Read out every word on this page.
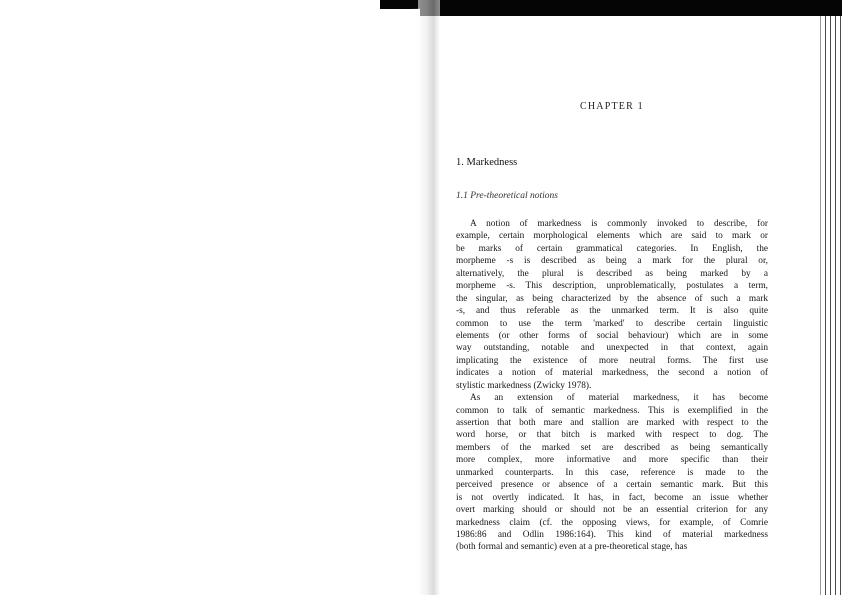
CHAPTER 1
1. Markedness
1.1 Pre-theoretical notions
A notion of markedness is commonly invoked to describe, for
example, certain morphological elements which are said to mark or
be marks of certain grammatical categories. In English, the
morpheme -s is described as being a mark for the plural or,
alternatively, the plural is described as being marked by a
morpheme -s. This description, unproblematically, postulates a term,
the singular, as being characterized by the absence of such a mark
-s, and thus referable as the unmarked term. It is also quite
common to use the term 'marked' to describe certain linguistic
elements (or other forms of social behaviour) which are in some
way outstanding, notable and unexpected in that context, again
implicating the existence of more neutral forms. The first use
indicates a notion of material markedness, the second a notion of
stylistic markedness (Zwicky 1978).
As an extension of material markedness, it has become
common to talk of semantic markedness. This is exemplified in the
assertion that both mare and stallion are marked with respect to the
word horse, or that bitch is marked with respect to dog. The
members of the marked set are described as being semantically
more complex, more informative and more specific than their
unmarked counterparts. In this case, reference is made to the
perceived presence or absence of a certain semantic mark. But this
is not overtly indicated. It has, in fact, become an issue whether
overt marking should or should not be an essential criterion for any
markedness claim (cf. the opposing views, for example, of Comrie
1986:86 and Odlin 1986:164). This kind of material markedness
(both formal and semantic) even at a pre-theoretical stage, has
